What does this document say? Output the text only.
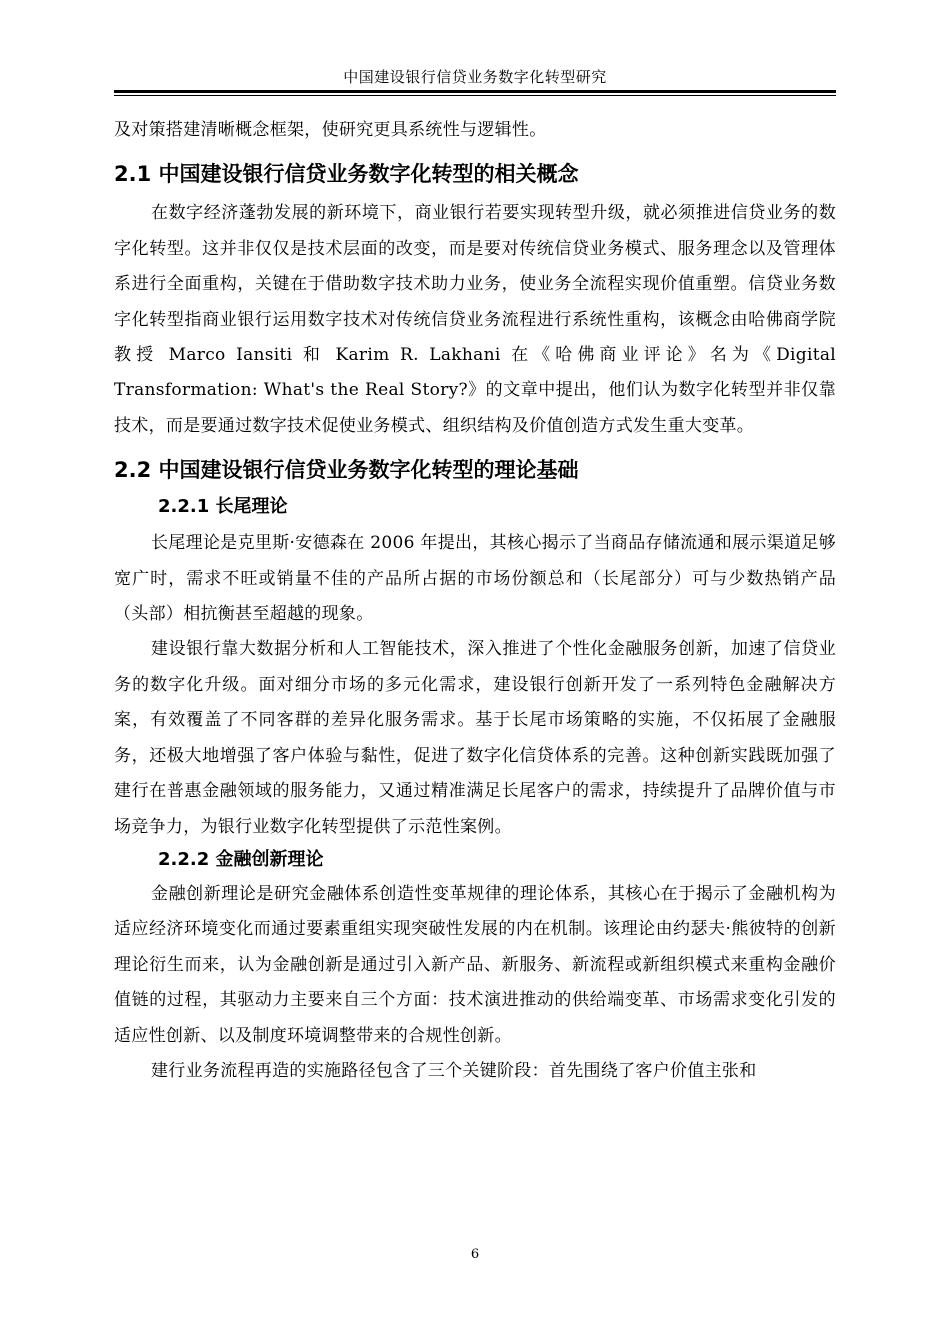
中国建设银行信贷业务数字化转型研究

及对策搭建清晰概念框架，使研究更具系统性与逻辑性。

2.1 中国建设银行信贷业务数字化转型的相关概念

在数字经济蓬勃发展的新环境下，商业银行若要实现转型升级，就必须推进信贷业务的数字化转型。这并非仅仅是技术层面的改变，而是要对传统信贷业务模式、服务理念以及管理体系进行全面重构，关键在于借助数字技术助力业务，使业务全流程实现价值重塑。信贷业务数字化转型指商业银行运用数字技术对传统信贷业务流程进行系统性重构，该概念由哈佛商学院教授 Marco Iansiti 和 Karim R. Lakhani 在《哈佛商业评论》名为《Digital Transformation: What's the Real Story?》的文章中提出，他们认为数字化转型并非仅靠技术，而是要通过数字技术促使业务模式、组织结构及价值创造方式发生重大变革。

2.2 中国建设银行信贷业务数字化转型的理论基础
2.2.1 长尾理论

长尾理论是克里斯·安德森在 2006 年提出，其核心揭示了当商品存储流通和展示渠道足够宽广时，需求不旺或销量不佳的产品所占据的市场份额总和（长尾部分）可与少数热销产品（头部）相抗衡甚至超越的现象。

建设银行靠大数据分析和人工智能技术，深入推进了个性化金融服务创新，加速了信贷业务的数字化升级。面对细分市场的多元化需求，建设银行创新开发了一系列特色金融解决方案，有效覆盖了不同客群的差异化服务需求。基于长尾市场策略的实施，不仅拓展了金融服务，还极大地增强了客户体验与黏性，促进了数字化信贷体系的完善。这种创新实践既加强了建行在普惠金融领域的服务能力，又通过精准满足长尾客户的需求，持续提升了品牌价值与市场竞争力，为银行业数字化转型提供了示范性案例。

2.2.2 金融创新理论

金融创新理论是研究金融体系创造性变革规律的理论体系，其核心在于揭示了金融机构为适应经济环境变化而通过要素重组实现突破性发展的内在机制。该理论由约瑟夫·熊彼特的创新理论衍生而来，认为金融创新是通过引入新产品、新服务、新流程或新组织模式来重构金融价值链的过程，其驱动力主要来自三个方面：技术演进推动的供给端变革、市场需求变化引发的适应性创新、以及制度环境调整带来的合规性创新。

建行业务流程再造的实施路径包含了三个关键阶段：首先围绕了客户价值主张和

6
